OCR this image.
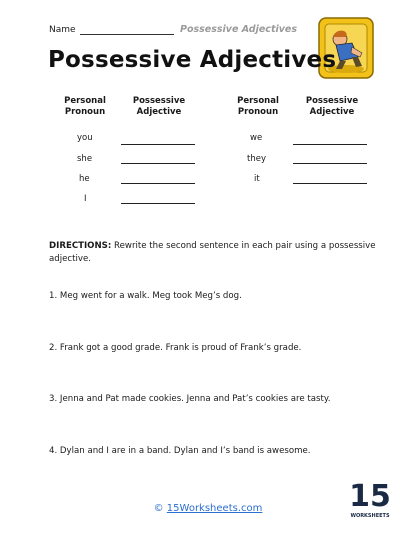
Name	Possessive Adjectives
Possessive Adjectives
Personal
Pronoun
Possessive
Adjective
Personal
Pronoun
Possessive
Adjective
you
she
he
I
we
they
it
DIRECTIONS: Rewrite the second sentence in each pair using a possessive adjective.
1. Meg went for a walk. Meg took Meg’s dog.
2. Frank got a good grade. Frank is proud of Frank’s grade.
3. Jenna and Pat made cookies. Jenna and Pat’s cookies are tasty.
4. Dylan and I are in a band. Dylan and I’s band is awesome.
© 15Worksheets.com	15
WORKSHEETS
